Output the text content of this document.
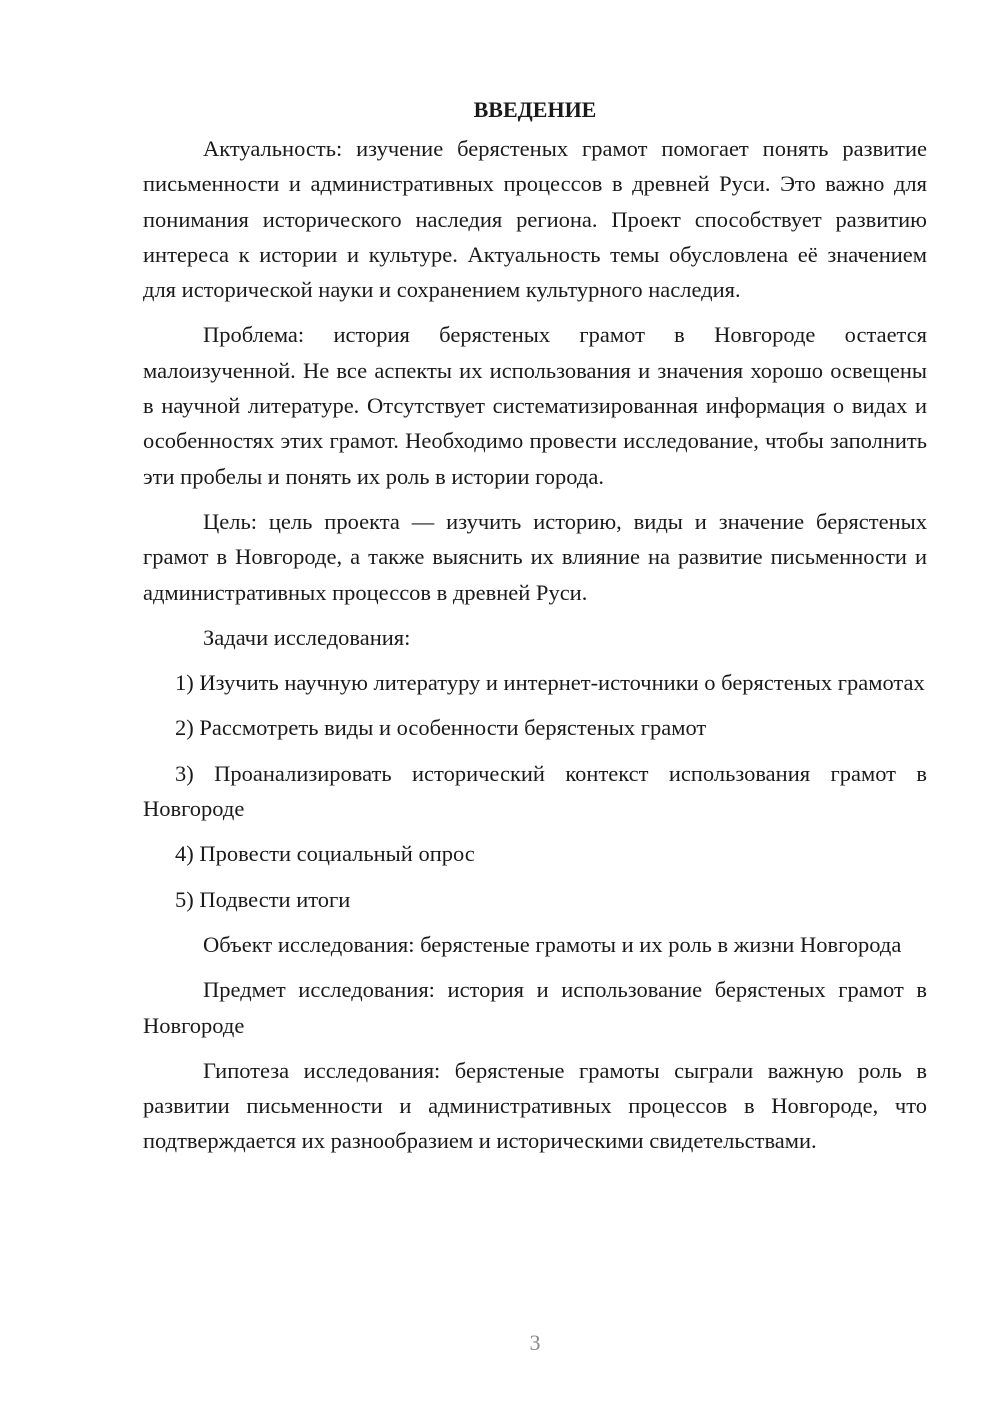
ВВЕДЕНИЕ

Актуальность: изучение берястеных грамот помогает понять развитие письменности и административных процессов в древней Руси. Это важно для понимания исторического наследия региона. Проект способствует развитию интереса к истории и культуре. Актуальность темы обусловлена её значением для исторической науки и сохранением культурного наследия.

Проблема: история берястеных грамот в Новгороде остается малоизученной. Не все аспекты их использования и значения хорошо освещены в научной литературе. Отсутствует систематизированная информация о видах и особенностях этих грамот. Необходимо провести исследование, чтобы заполнить эти пробелы и понять их роль в истории города.

Цель: цель проекта — изучить историю, виды и значение берястеных грамот в Новгороде, а также выяснить их влияние на развитие письменности и административных процессов в древней Руси.

Задачи исследования:

1) Изучить научную литературу и интернет-источники о берястеных грамотах

2) Рассмотреть виды и особенности берястеных грамот

3) Проанализировать исторический контекст использования грамот в Новгороде

4) Провести социальный опрос

5) Подвести итоги

Объект исследования: берястеные грамоты и их роль в жизни Новгорода

Предмет исследования: история и использование берястеных грамот в Новгороде

Гипотеза исследования: берястеные грамоты сыграли важную роль в развитии письменности и административных процессов в Новгороде, что подтверждается их разнообразием и историческими свидетельствами.

3
